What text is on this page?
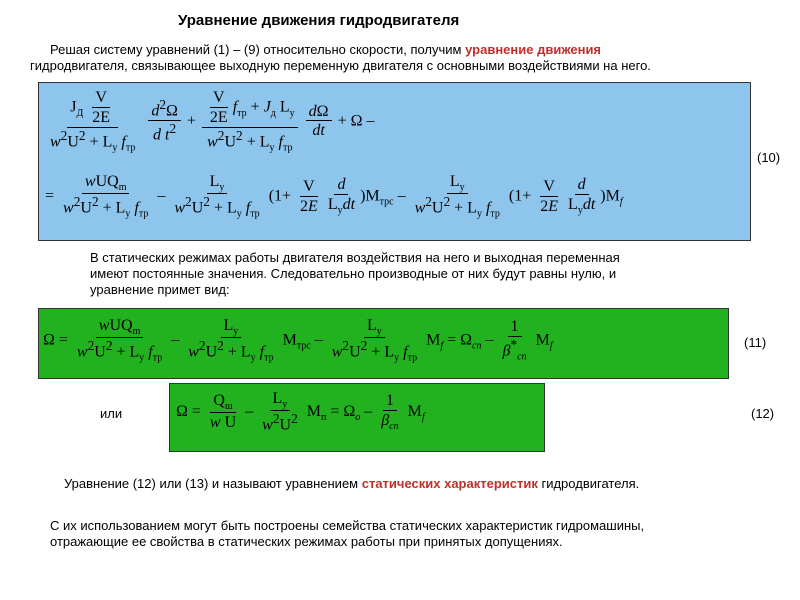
Уравнение движения гидродвигателя
Решая систему уравнений (1) – (9) относительно скорости, получим уравнение движения
гидродвигателя, связывающее выходную переменную двигателя с основными воздействиями на него.
$\frac{J_Д \frac{V}{2E}}{w^2U^2 + L_y f_{тр}}$
$\frac{d^2\Omega}{d t^2} + \frac{\frac{V}{2E} f_{тр} + J_д L_y}{w^2U^2 + L_y f_{тр}}$
$\frac{d\Omega}{dt} + \Omega$ –
= $\frac{wUQ_m}{w^2U^2 + L_y f_{тр}} - \frac{L_y}{w^2U^2 + L_y f_{тр}} (1+ \frac{V}{2E} \frac{d}{L_ydt} )M_{трс} - \frac{L_y}{w^2U^2 + L_y f_{тр}} (1+ \frac{V}{2E} \frac{d}{L_ydt} )M_f$
(10)
В статических режимах работы двигателя воздействия на него и выходная переменная
имеют постоянные значения. Следовательно производные от них будут равны нулю, и
уравнение примет вид:
$\Omega = \frac{wUQ_m}{w^2U^2 + L_y f_{тр}} - \frac{L_y}{w^2U^2 + L_y f_{тр}} M_{трс} - \frac{L_y}{w^2U^2 + L_y f_{тр}} M_f = \Omega_{cn} - \frac{1}{\beta^*_{cn}} M_f$	(11)
или	$\Omega = \frac{Q_ш}{\text{w U}} - \frac{L_y}{w^2U^2} M_п = \Omega_о - \frac{1}{\beta_{сп}} M_f$	(12)
Уравнение (12) или (13) и называют уравнением статических характеристик гидродвигателя.
С их использованием могут быть построены семейства статических характеристик гидромашины,
отражающие ее свойства в статических режимах работы при принятых допущениях.
